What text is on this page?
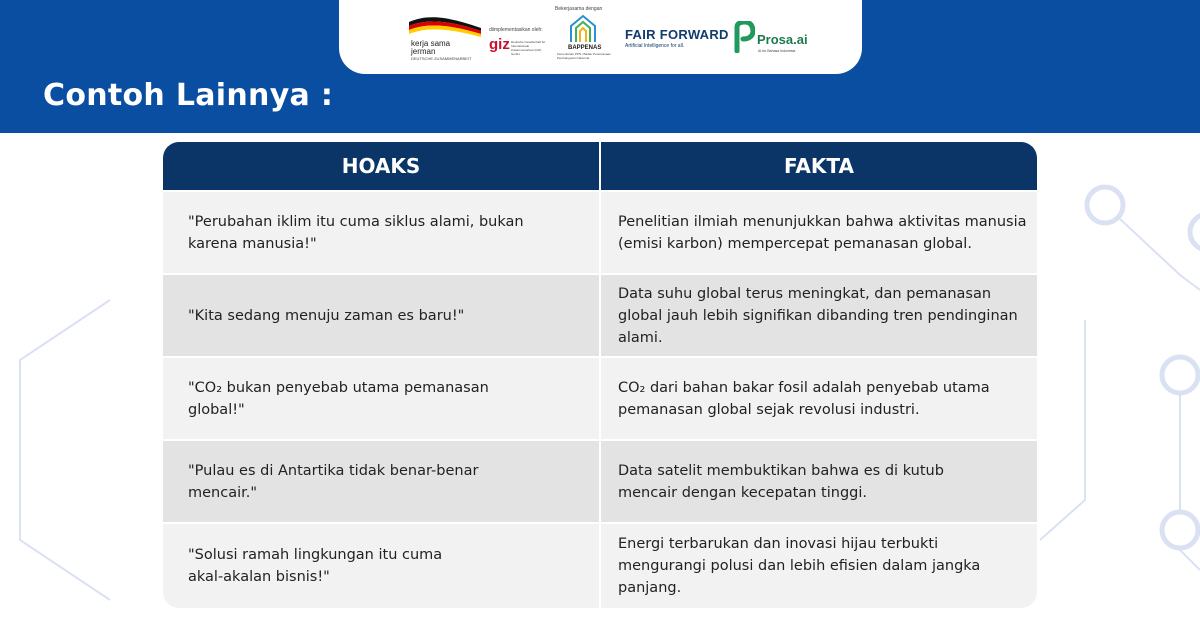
kerja sama
jerman
DEUTSCHE ZUSAMMENARBEIT
diimplementasikan oleh:
giz Deutsche Gesellschaft für Internationale Zusammenarbeit (GIZ) GmbH
Bekerjasama dengan
BAPPENAS
Kementerian PPN / Badan Perencanaan Pembangunan Nasional
FAIR FORWARD
Artificial Intelligence for all.	Prosa.ai
AI for Bahasa Indonesia
Contoh Lainnya :
HOAKS	FAKTA
"Perubahan iklim itu cuma siklus alami, bukan karena manusia!"
Penelitian ilmiah menunjukkan bahwa aktivitas manusia (emisi karbon) mempercepat pemanasan global.
"Kita sedang menuju zaman es baru!"
Data suhu global terus meningkat, dan pemanasan global jauh lebih signifikan dibanding tren pendinginan alami.
"CO₂ bukan penyebab utama pemanasan global!"
CO₂ dari bahan bakar fosil adalah penyebab utama pemanasan global sejak revolusi industri.
"Pulau es di Antartika tidak benar-benar mencair."
Data satelit membuktikan bahwa es di kutub mencair dengan kecepatan tinggi.
"Solusi ramah lingkungan itu cuma akal-akalan bisnis!"
Energi terbarukan dan inovasi hijau terbukti mengurangi polusi dan lebih efisien dalam jangka panjang.
